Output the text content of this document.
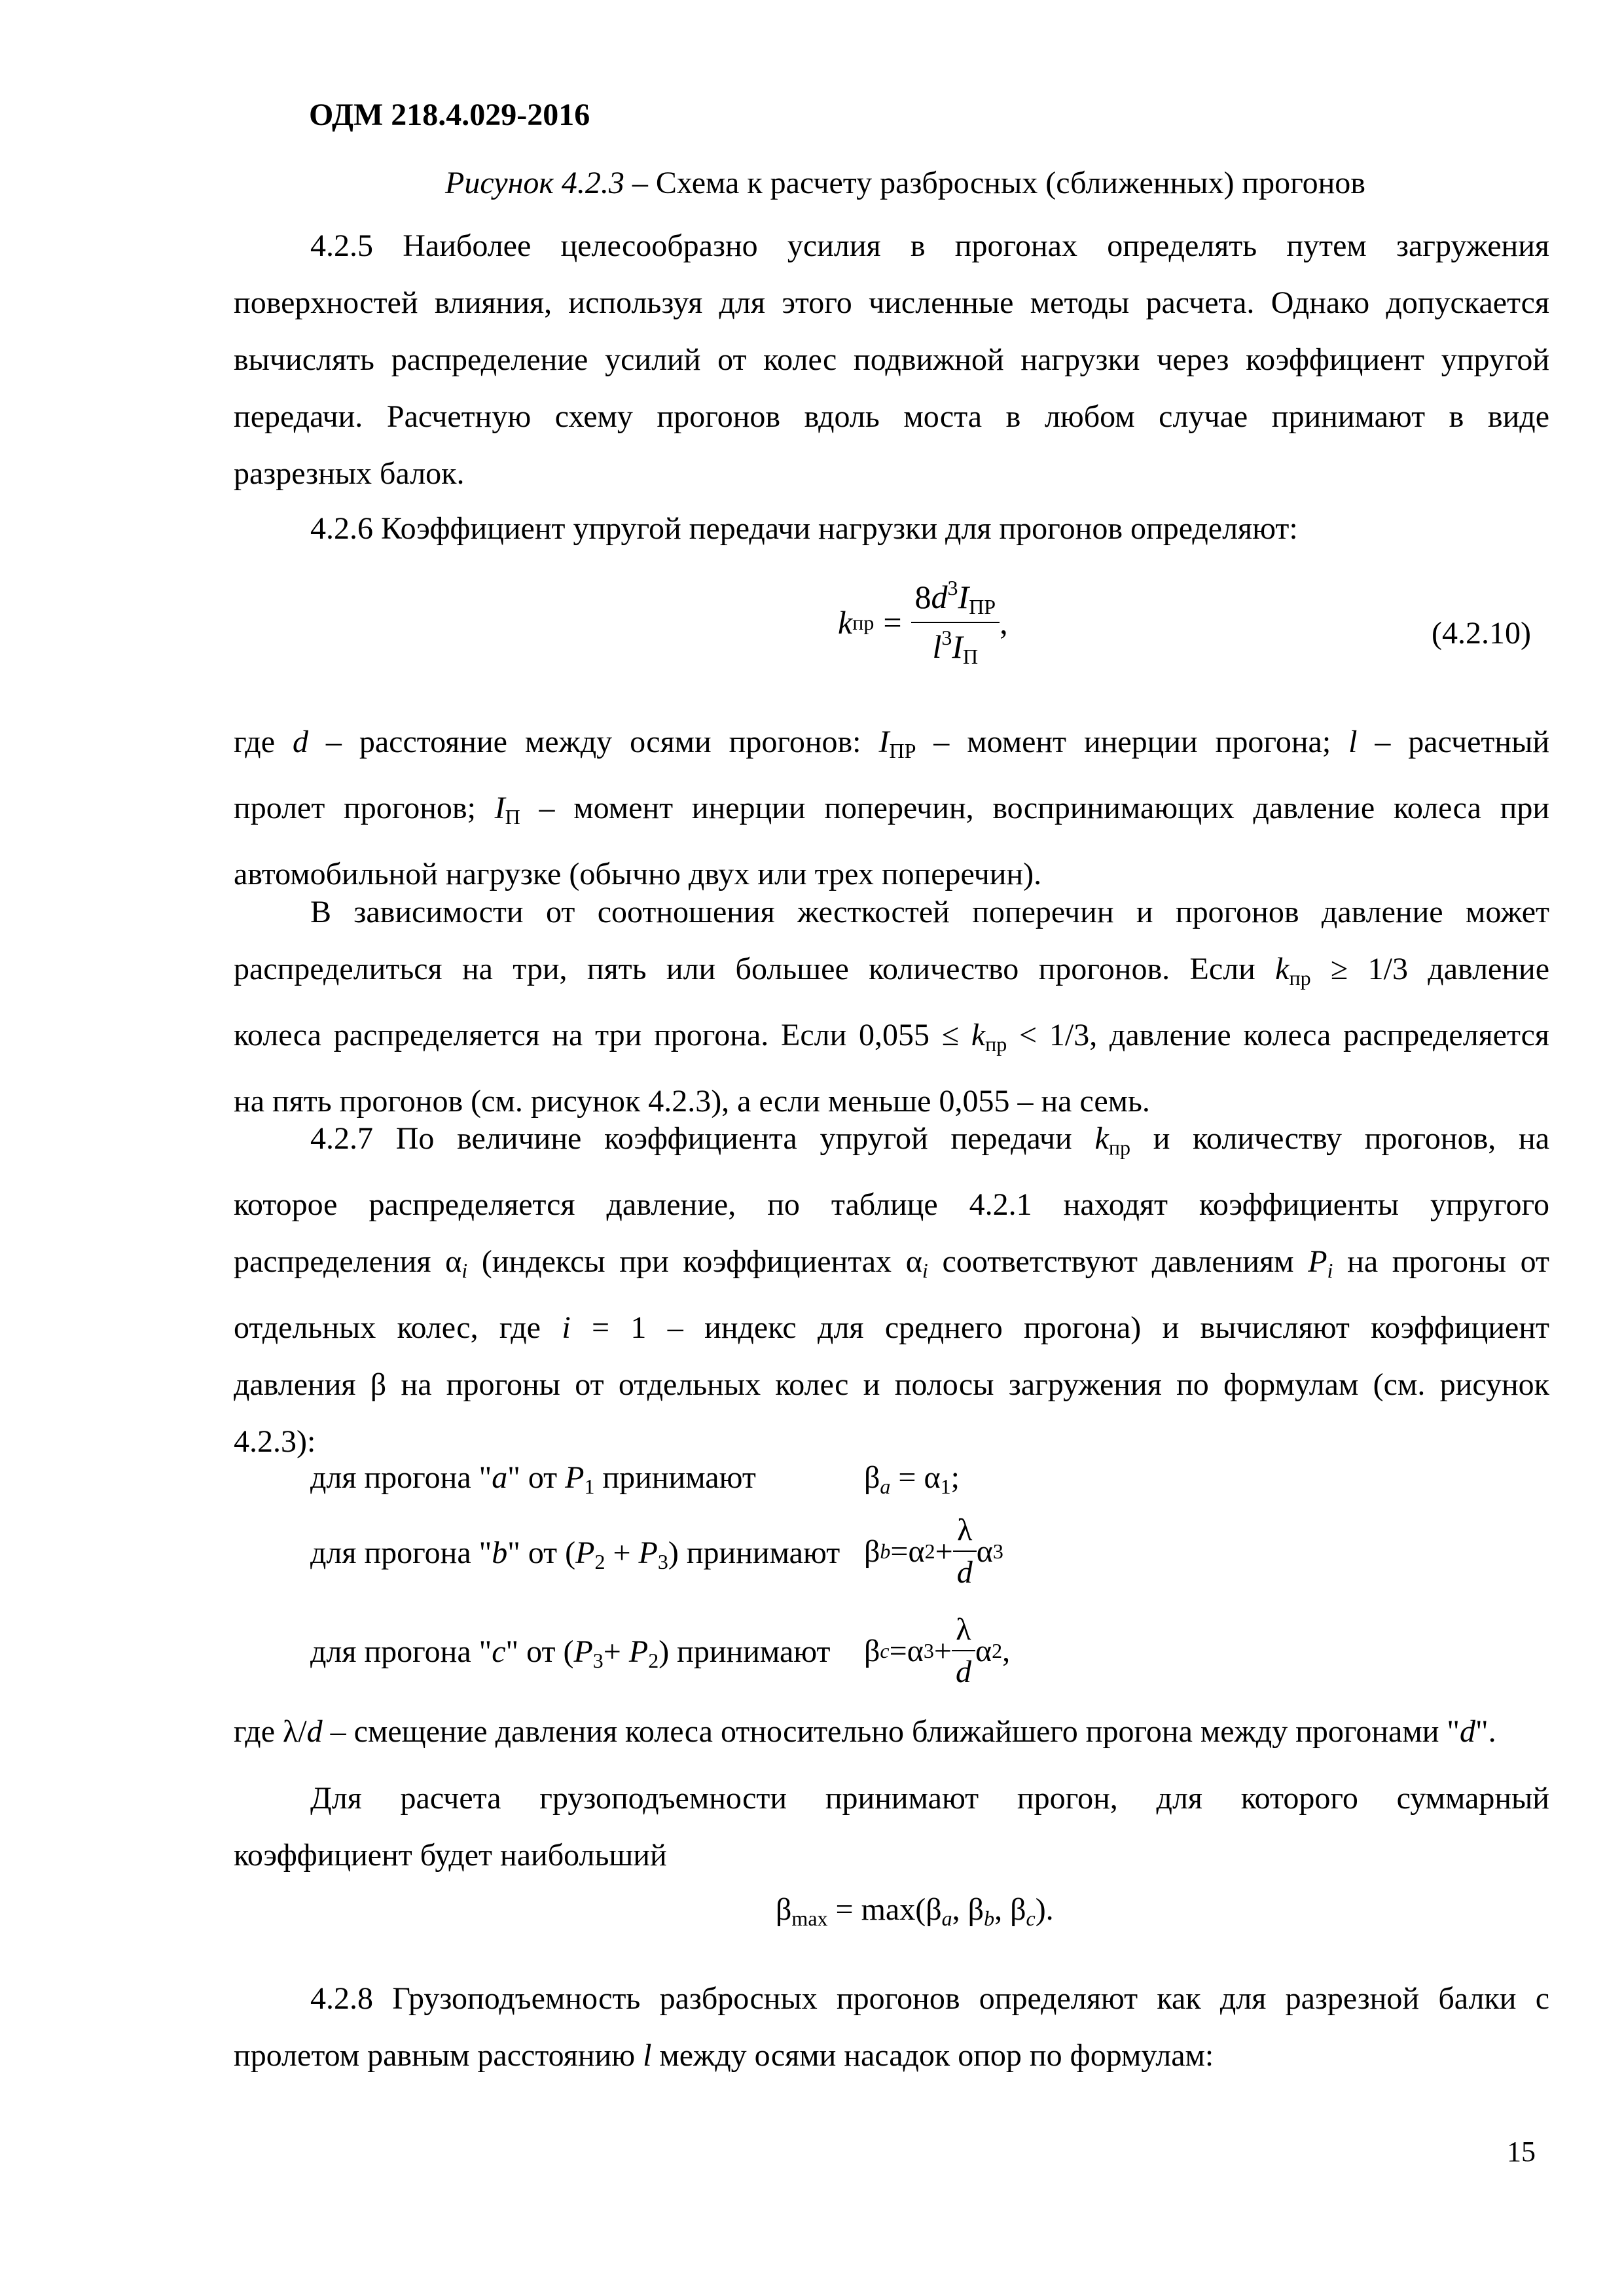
ОДМ 218.4.029-2016
Рисунок 4.2.3 – Схема к расчету разбросных (сближенных) прогонов
4.2.5 Наиболее целесообразно усилия в прогонах определять путем загружения
поверхностей влияния, используя для этого численные методы расчета. Однако допускается
вычислять распределение усилий от колес подвижной нагрузки через коэффициент упругой
передачи. Расчетную схему прогонов вдоль моста в любом случае принимают в виде
разрезных балок.
4.2.6 Коэффициент упругой передачи нагрузки для прогонов определяют:
k пр = $\frac{8d^3I_{ПР}}{l^3I_П}$ ,	(4.2.10)
где d – расстояние между осями прогонов: $I_{ПР}$ – момент инерции прогона; l – расчетный
пролет прогонов; $I_П$ – момент инерции поперечин, воспринимающих давление колеса при
автомобильной нагрузке (обычно двух или трех поперечин).
В зависимости от соотношения жесткостей поперечин и прогонов давление может
распределиться на три, пять или большее количество прогонов. Если $k_{пр} \ge 1/3$ давление
колеса распределяется на три прогона. Если $0,055 \le k_{пр} < 1/3$, давление колеса распределяется
на пять прогонов (см. рисунок 4.2.3), а если меньше 0,055 – на семь.
4.2.7 По величине коэффициента упругой передачи $k_{пр}$ и количеству прогонов, на
которое распределяется давление, по таблице 4.2.1 находят коэффициенты упругого
распределения $\alpha_i$ (индексы при коэффициентах $\alpha_i$ соответствуют давлениям $P_i$ на прогоны от
отдельных колес, где i = 1 – индекс для среднего прогона) и вычисляют коэффициент
давления β на прогоны от отдельных колес и полосы загружения по формулам (см. рисунок
4.2.3):
для прогона "a" от $P_1$ принимают	$\beta_a = \alpha_1$;
для прогона "b" от $(P_2 + P_3)$ принимают β b = α $2 + \frac{\lambda}{d}$ α 3
для прогона "c" от $(P_3+ P_2)$ принимают β c = α $3 + \frac{\lambda}{d}$ α 2 ,
где λ/d – смещение давления колеса относительно ближайшего прогона между прогонами "d".
Для расчета грузоподъемности принимают прогон, для которого суммарный
коэффициент будет наибольший
$\beta_{max} = \max(\beta_a$, $\beta_b$, $\beta_c$).
4.2.8 Грузоподъемность разбросных прогонов определяют как для разрезной балки с
пролетом равным расстоянию l между осями насадок опор по формулам:
15
